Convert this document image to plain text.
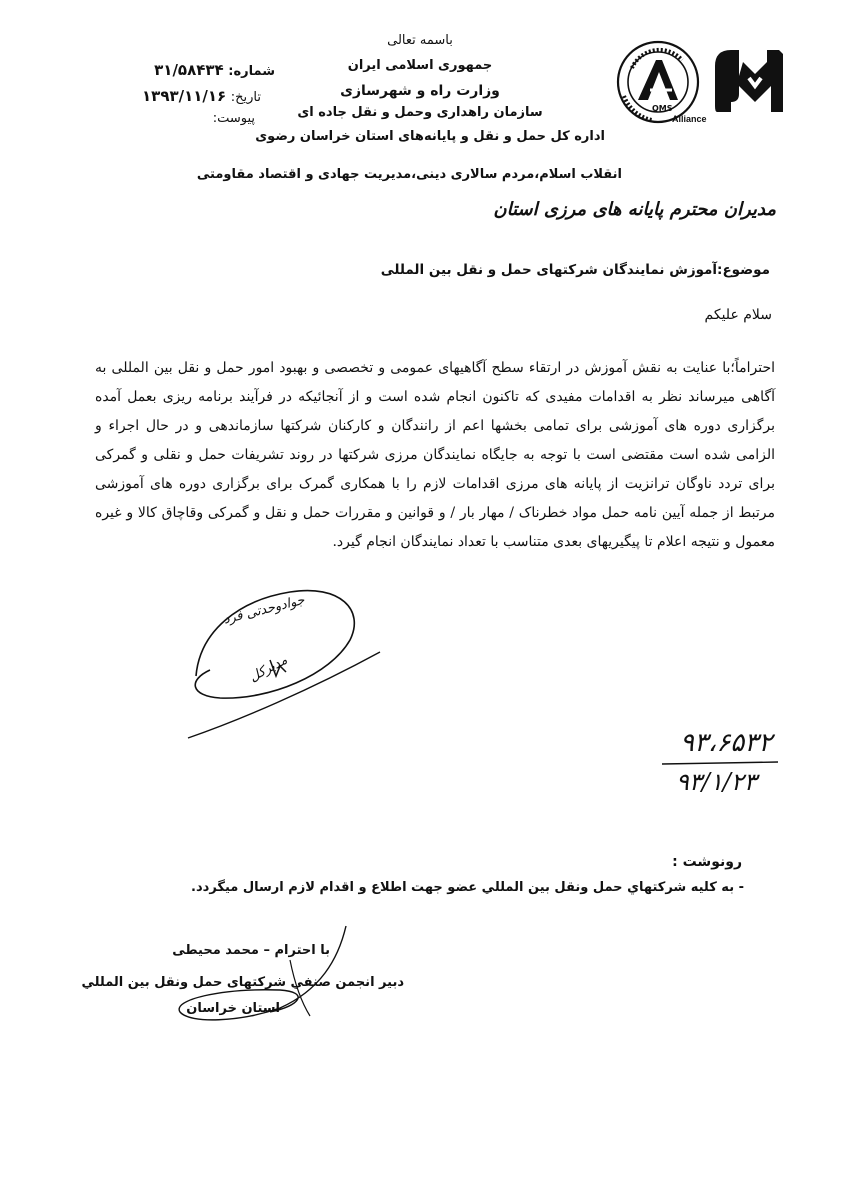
QMS
Alliance
باسمه تعالی
جمهوری اسلامی ایران
وزارت راه و شهرسازی
سازمان راهداری وحمل و نقل جاده ای
اداره کل حمل و نقل و پایانه‌های استان خراسان رضوی
شماره: ۳۱/۵۸۴۳۴
تاریخ: ۱۳۹۳/۱۱/۱۶
پیوست:
انقلاب اسلام،مردم سالاری دینی،مدیریت جهادی و اقتصاد مقاومتی
مدیران محترم پایانه های مرزی استان
موضوع:آموزش نمایندگان شرکتهای حمل و نقل بین المللی
سلام علیکم
احتراماً؛با عنایت به نقش آموزش در ارتقاء سطح آگاهیهای عمومی و تخصصی و بهبود امور حمل و نقل بین المللی به آگاهی میرساند نظر به اقدامات مفیدی که تاکنون انجام شده است و از آنجائیکه در فرآیند برنامه ریزی بعمل آمده برگزاری دوره های آموزشی برای تمامی بخشها اعم از رانندگان و کارکنان شرکتها سازماندهی و در حال اجراء و الزامی شده است مقتضی است با توجه به جایگاه نمایندگان مرزی شرکتها در روند تشریفات حمل و نقلی و گمرکی برای تردد ناوگان ترانزیت از پایانه های مرزی اقدامات لازم را با همکاری گمرک برای برگزاری دوره های آموزشی مرتبط از جمله آیین نامه حمل مواد خطرناک / مهار بار / و قوانین و مقررات حمل و نقل و گمرکی وقاچاق کالا و غیره معمول و نتیجه اعلام تا پیگیریهای بعدی متناسب با تعداد نمایندگان انجام گیرد.
جوادوحدتی فرد
مدیرکل
۹۳،۶۵۳۲
۹۳/۱/۲۳
رونوشت :
- به کلیه شرکتهاي حمل ونقل بین المللي عضو جهت اطلاع و اقدام لازم ارسال میگردد.
با احترام – محمد محیطی
دبیر انجمن صنفي شرکتهای حمل ونقل بین المللي
استان خراسان
